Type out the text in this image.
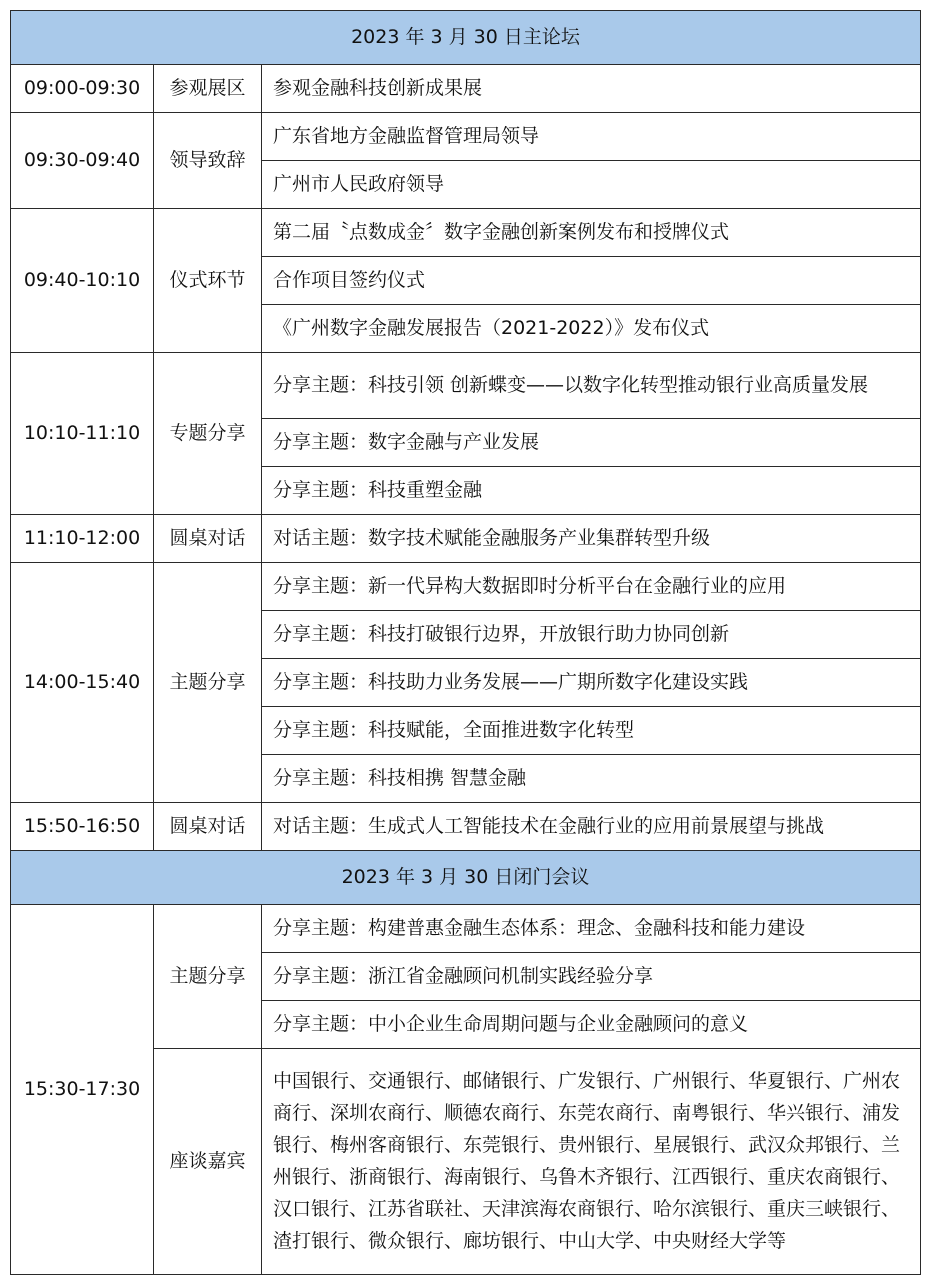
2023 年 3 月 30 日主论坛		
09:00-09:30	参观展区	参观金融科技创新成果展
09:30-09:40	领导致辞	广东省地方金融监督管理局领导
		广州市人民政府领导
09:40-10:10	仪式环节	第二届〝点数成金〞数字金融创新案例发布和授牌仪式
		合作项目签约仪式
		《广州数字金融发展报告（2021-2022）》发布仪式
10:10-11:10	专题分享	分享主题：科技引领 创新蝶变——以数字化转型推动银行业高质量发展
		分享主题：数字金融与产业发展
		分享主题：科技重塑金融
11:10-12:00	圆桌对话	对话主题：数字技术赋能金融服务产业集群转型升级
14:00-15:40	主题分享	分享主题：新一代异构大数据即时分析平台在金融行业的应用
		分享主题：科技打破银行边界，开放银行助力协同创新
		分享主题：科技助力业务发展——广期所数字化建设实践
		分享主题：科技赋能，全面推进数字化转型
		分享主题：科技相携 智慧金融
15:50-16:50	圆桌对话	对话主题：生成式人工智能技术在金融行业的应用前景展望与挑战
2023 年 3 月 30 日闭门会议		
15:30-17:30	主题分享	分享主题：构建普惠金融生态体系：理念、金融科技和能力建设
		分享主题：浙江省金融顾问机制实践经验分享
		分享主题：中小企业生命周期问题与企业金融顾问的意义
	座谈嘉宾	中国银行、交通银行、邮储银行、广发银行、广州银行、华夏银行、广州农商行、深圳农商行、顺德农商行、东莞农商行、南粤银行、华兴银行、浦发银行、梅州客商银行、东莞银行、贵州银行、星展银行、武汉众邦银行、兰州银行、浙商银行、海南银行、乌鲁木齐银行、江西银行、重庆农商银行、汉口银行、江苏省联社、天津滨海农商银行、哈尔滨银行、重庆三峡银行、 渣打银行、微众银行、廊坊银行、中山大学、中央财经大学等
